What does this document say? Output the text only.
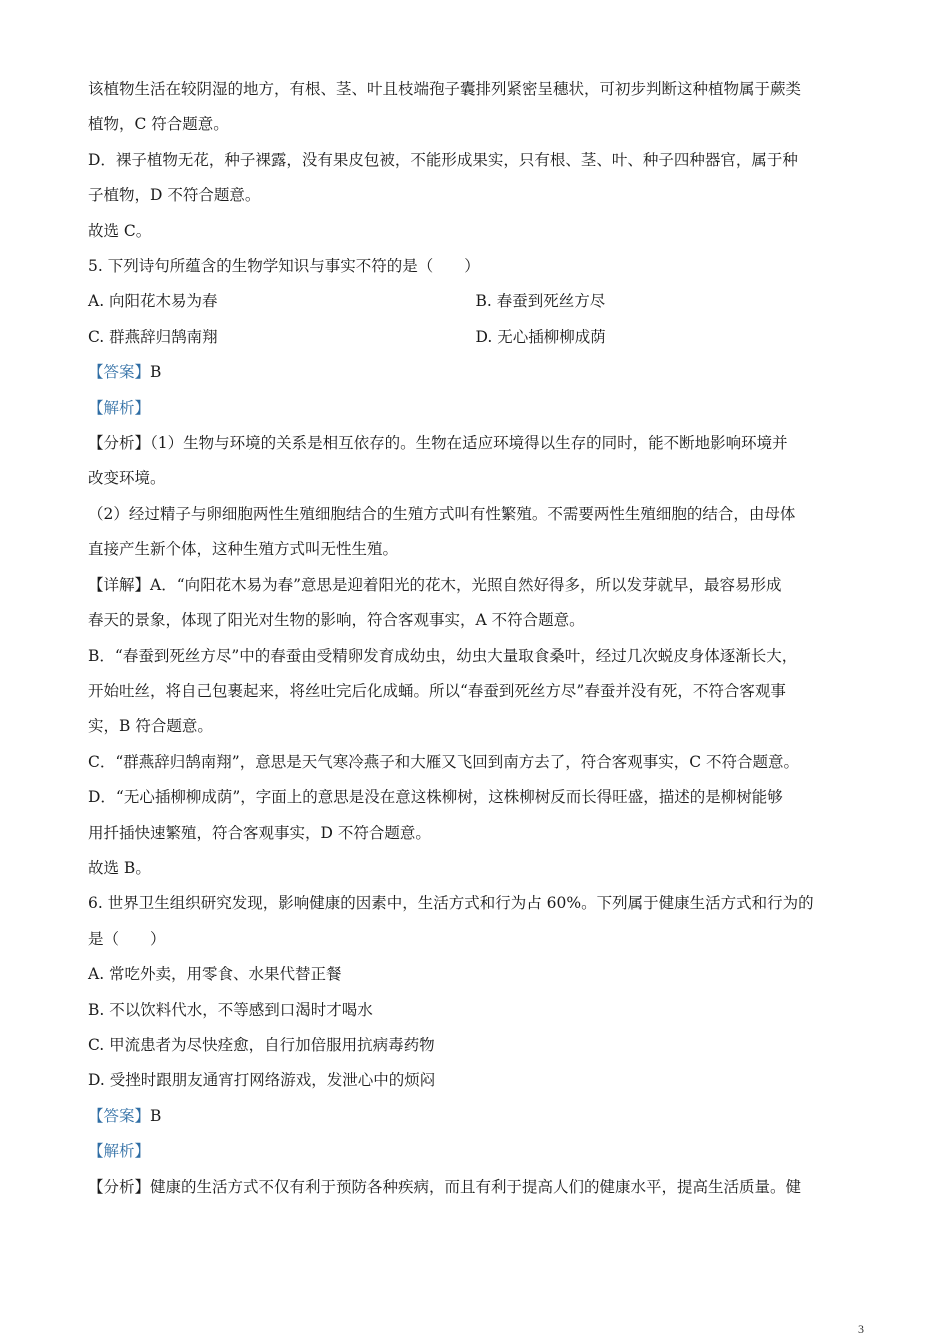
该植物生活在较阴湿的地方，有根、茎、叶且枝端孢子囊排列紧密呈穗状，可初步判断这种植物属于蕨类
植物，C 符合题意。
D．裸子植物无花，种子裸露，没有果皮包被，不能形成果实，只有根、茎、叶、种子四种器官，属于种
子植物，D 不符合题意。
故选 C。
5. 下列诗句所蕴含的生物学知识与事实不符的是（　　）
A. 向阳花木易为春	B. 春蚕到死丝方尽
C. 群燕辞归鹄南翔	D. 无心插柳柳成荫
【答案】B
【解析】
【分析】（1）生物与环境的关系是相互依存的。生物在适应环境得以生存的同时，能不断地影响环境并
改变环境。
（2）经过精子与卵细胞两性生殖细胞结合的生殖方式叫有性繁殖。不需要两性生殖细胞的结合，由母体
直接产生新个体，这种生殖方式叫无性生殖。
【详解】A．“向阳花木易为春”意思是迎着阳光的花木，光照自然好得多，所以发芽就早，最容易形成
春天的景象，体现了阳光对生物的影响，符合客观事实，A 不符合题意。
B．“春蚕到死丝方尽”中的春蚕由受精卵发育成幼虫，幼虫大量取食桑叶，经过几次蜕皮身体逐渐长大，
开始吐丝，将自己包裹起来，将丝吐完后化成蛹。所以“春蚕到死丝方尽”春蚕并没有死，不符合客观事
实，B 符合题意。
C．“群燕辞归鹄南翔”，意思是天气寒冷燕子和大雁又飞回到南方去了，符合客观事实，C 不符合题意。
D．“无心插柳柳成荫”，字面上的意思是没在意这株柳树，这株柳树反而长得旺盛，描述的是柳树能够
用扦插快速繁殖，符合客观事实，D 不符合题意。
故选 B。
6. 世界卫生组织研究发现，影响健康的因素中，生活方式和行为占 60%。下列属于健康生活方式和行为的
是（　　）
A. 常吃外卖，用零食、水果代替正餐
B. 不以饮料代水，不等感到口渴时才喝水
C. 甲流患者为尽快痊愈，自行加倍服用抗病毒药物
D. 受挫时跟朋友通宵打网络游戏，发泄心中的烦闷
【答案】B
【解析】
【分析】健康的生活方式不仅有利于预防各种疾病，而且有利于提高人们的健康水平，提高生活质量。健
3
